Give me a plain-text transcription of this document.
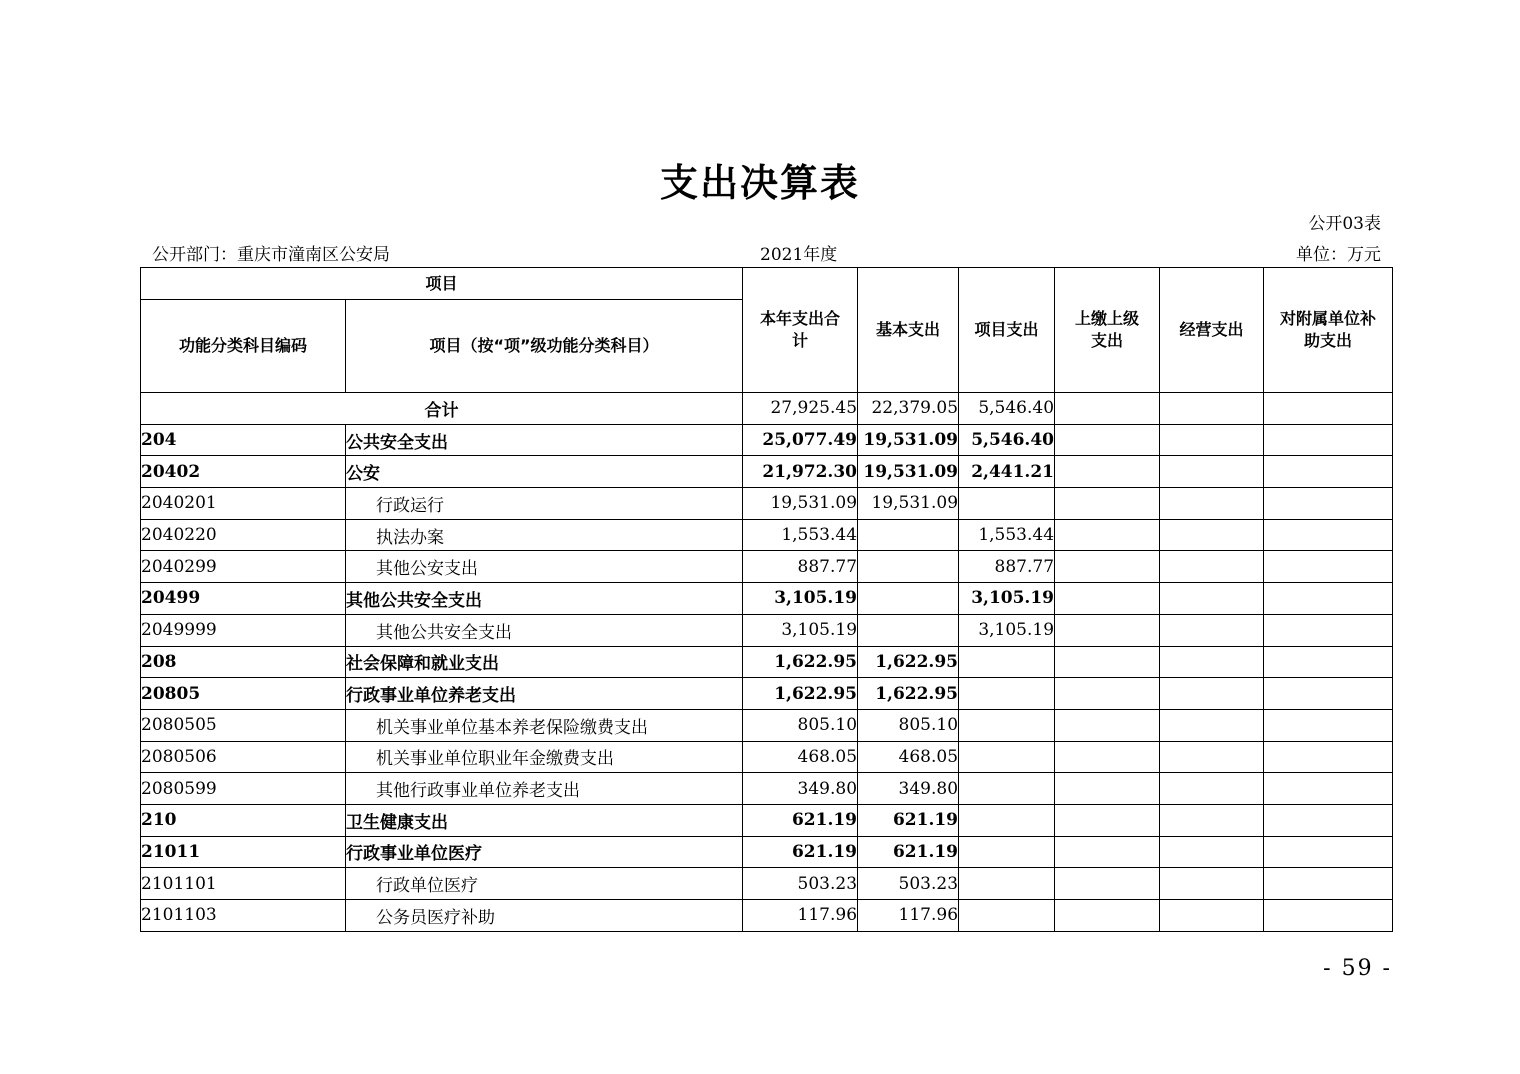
支出决算表
公开03表
公开部门：重庆市潼南区公安局	2021年度	单位：万元
项目		本年支出合计	基本支出	项目支出	上缴上级支出	经营支出	对附属单位补助支出
功能分类科目编码	项目（按“项”级功能分类科目）						
合计		27,925.45	22,379.05	5,546.40			
204	公共安全支出	25,077.49	19,531.09	5,546.40			
20402	公安	21,972.30	19,531.09	2,441.21			
2040201	行政运行	19,531.09	19,531.09				
2040220	执法办案	1,553.44		1,553.44			
2040299	其他公安支出	887.77		887.77			
20499	其他公共安全支出	3,105.19		3,105.19			
2049999	其他公共安全支出	3,105.19		3,105.19			
208	社会保障和就业支出	1,622.95	1,622.95				
20805	行政事业单位养老支出	1,622.95	1,622.95				
2080505	机关事业单位基本养老保险缴费支出	805.10	805.10				
2080506	机关事业单位职业年金缴费支出	468.05	468.05				
2080599	其他行政事业单位养老支出	349.80	349.80				
210	卫生健康支出	621.19	621.19				
21011	行政事业单位医疗	621.19	621.19				
2101101	行政单位医疗	503.23	503.23				
2101103	公务员医疗补助	117.96	117.96				
- 59 -
